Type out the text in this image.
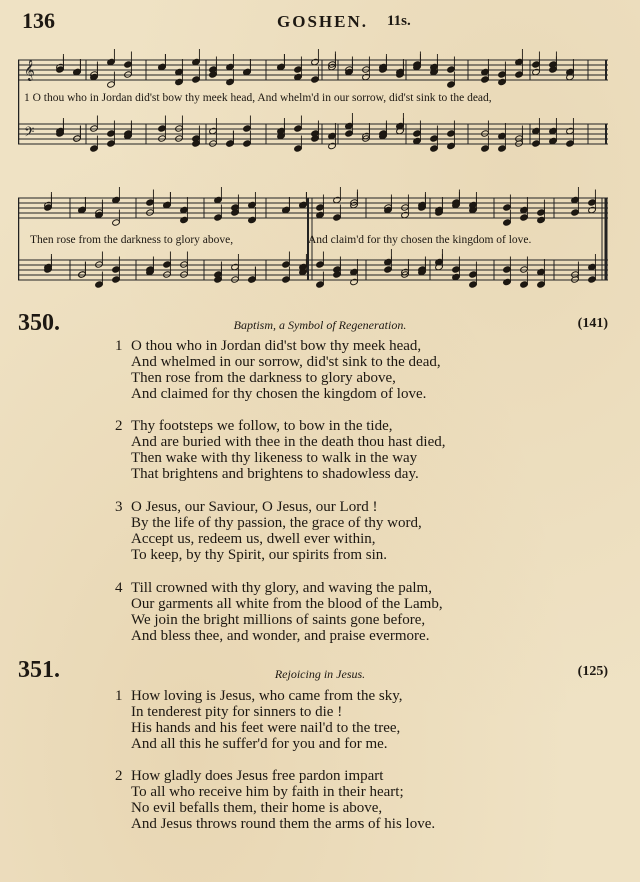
136	GOSHEN. 11s.
𝄞
𝄢
1 O thou who in Jordan did'st bow thy meek head, And whelm'd in our sorrow, did'st sink to the dead,
Then rose from the darkness to glory above,	And claim'd for thy chosen the kingdom of love.
350.	Baptism, a Symbol of Regeneration.	(141)
1 O thou who in Jordan did'st bow thy meek head,
And whelmed in our sorrow, did'st sink to the dead,
Then rose from the darkness to glory above,
And claimed for thy chosen the kingdom of love.
2 Thy footsteps we follow, to bow in the tide,
And are buried with thee in the death thou hast died,
Then wake with thy likeness to walk in the way
That brightens and brightens to shadowless day.
3 O Jesus, our Saviour, O Jesus, our Lord !
By the life of thy passion, the grace of thy word,
Accept us, redeem us, dwell ever within,
To keep, by thy Spirit, our spirits from sin.
4 Till crowned with thy glory, and waving the palm,
Our garments all white from the blood of the Lamb,
We join the bright millions of saints gone before,
And bless thee, and wonder, and praise evermore.
351.	Rejoicing in Jesus.	(125)
1 How loving is Jesus, who came from the sky,
In tenderest pity for sinners to die !
His hands and his feet were nail'd to the tree,
And all this he suffer'd for you and for me.
2 How gladly does Jesus free pardon impart
To all who receive him by faith in their heart;
No evil befalls them, their home is above,
And Jesus throws round them the arms of his love.
